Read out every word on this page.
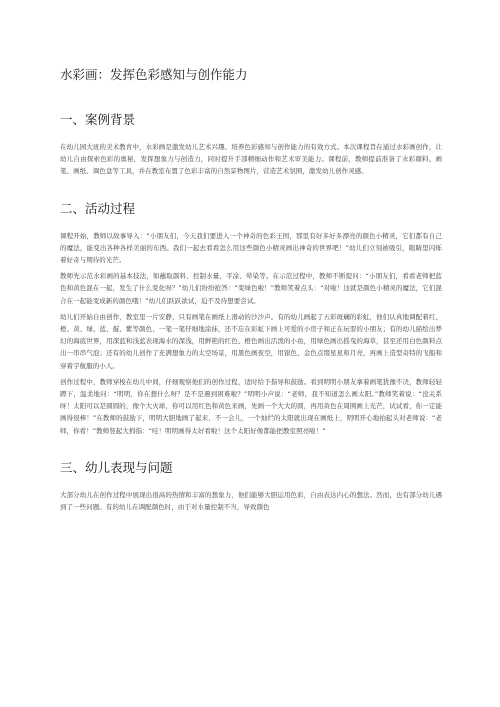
水彩画：发挥色彩感知与创作能力
一、案例背景

在幼儿园大班的美术教育中，水彩画是激发幼儿艺术兴趣、培养色彩感知与创作能力的有效方式。本次课程旨在通过水彩画创作，让幼儿自由探索色彩的奥秘，发挥想象力与创造力，同时提升手部精细动作和艺术审美能力。课程前，教师提前准备了水彩颜料、画笔、画纸、调色盘等工具，并在教室布置了色彩丰富的自然景物图片，营造艺术氛围，激发幼儿创作灵感。

二、活动过程

课程开始，教师以故事导入：“小朋友们，今天我们要进入一个神奇的色彩王国，那里有好多好多漂亮的颜色小精灵，它们都有自己的魔法，能变出各种各样美丽的东西。我们一起去看看怎么用这些颜色小精灵画出神奇的世界吧！”幼儿们立刻被吸引，眼睛里闪烁着好奇与期待的光芒。

教师先示范水彩画的基本技法，如蘸取颜料、控制水量、平涂、晕染等。在示范过程中，教师不断提问：“小朋友们，看看老师把蓝色和黄色混在一起，发生了什么变化呀？”幼儿们纷纷抢答：“变绿色啦！”教师笑着点头：“对啦！这就是颜色小精灵的魔法，它们混合在一起能变成新的颜色哦！”幼儿们跃跃欲试，迫不及待想要尝试。

幼儿们开始自由创作，教室里一片安静，只有画笔在画纸上滑动的沙沙声。有的幼儿画起了五彩斑斓的彩虹，他们认真地调配着红、橙、黄、绿、蓝、靛、紫等颜色，一笔一笔仔细地涂抹，还不忘在彩虹下画上可爱的小房子和正在玩耍的小朋友；有的幼儿描绘出梦幻的海底世界，用深蓝和浅蓝表现海水的深浅，用鲜艳的红色、橙色画出活泼的小鱼，用绿色画出摇曳的海草，甚至还用白色颜料点出一串串气泡；还有的幼儿创作了充满想象力的太空场景，用黑色画夜空，用银色、金色点缀星星和月亮，再画上造型奇特的飞船和穿着宇航服的小人。

创作过程中，教师穿梭在幼儿中间，仔细观察他们的创作过程，适时给予指导和鼓励。看到明明小朋友拿着画笔犹豫不决，教师轻轻蹲下，温柔地问：“明明，你在想什么呀？是不是遇到困难啦？”明明小声说：“老师，我不知道怎么画太阳。”教师笑着说：“没关系呀！太阳可以是圆圆的，像个大火球，你可以用红色和黄色来画，先画一个大大的圆，再用黄色在周围画上光芒，试试看，你一定能画得很棒！”在教师的鼓励下，明明大胆地画了起来，不一会儿，一个灿烂的太阳就出现在画纸上，明明开心地拍起头对老师说：“老师，你看！”教师竖起大拇指：“哇！明明画得太好看啦！这个太阳好像都能把教室照亮啦！”

三、幼儿表现与问题

大部分幼儿在创作过程中展现出很高的热情和丰富的想象力，他们能够大胆运用色彩，自由表达内心的想法。然而，也有部分幼儿遇到了一些问题。有的幼儿在调配颜色时，由于对水量控制不当，导致颜色
